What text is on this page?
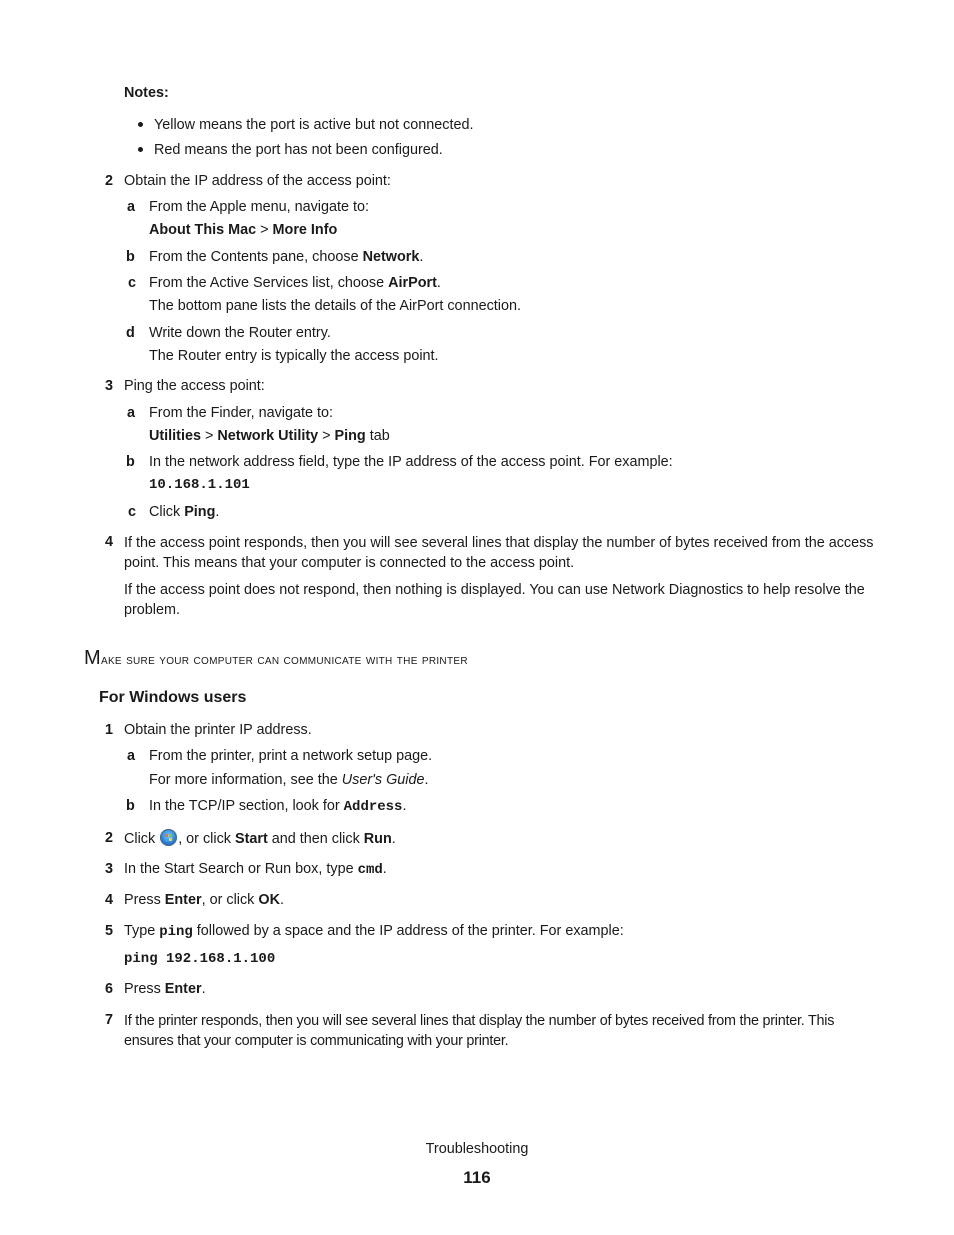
Notes:
Yellow means the port is active but not connected.
Red means the port has not been configured.
2 Obtain the IP address of the access point:
a From the Apple menu, navigate to:
About This Mac > More Info
b From the Contents pane, choose Network.
c From the Active Services list, choose AirPort.
The bottom pane lists the details of the AirPort connection.
d Write down the Router entry.
The Router entry is typically the access point.
3 Ping the access point:
a From the Finder, navigate to:
Utilities > Network Utility > Ping tab
b In the network address field, type the IP address of the access point. For example:
10.168.1.101
c Click Ping.
4 If the access point responds, then you will see several lines that display the number of bytes received from the access point. This means that your computer is connected to the access point.
If the access point does not respond, then nothing is displayed. You can use Network Diagnostics to help resolve the problem.
Make sure your computer can communicate with the printer
For Windows users
1 Obtain the printer IP address.
a From the printer, print a network setup page.
For more information, see the User's Guide.
b In the TCP/IP section, look for Address.
2 Click , or click Start and then click Run.
3 In the Start Search or Run box, type cmd.
4 Press Enter, or click OK.
5 Type ping followed by a space and the IP address of the printer. For example:
ping 192.168.1.100
6 Press Enter.
7 If the printer responds, then you will see several lines that display the number of bytes received from the printer. This ensures that your computer is communicating with your printer.
Troubleshooting
116
